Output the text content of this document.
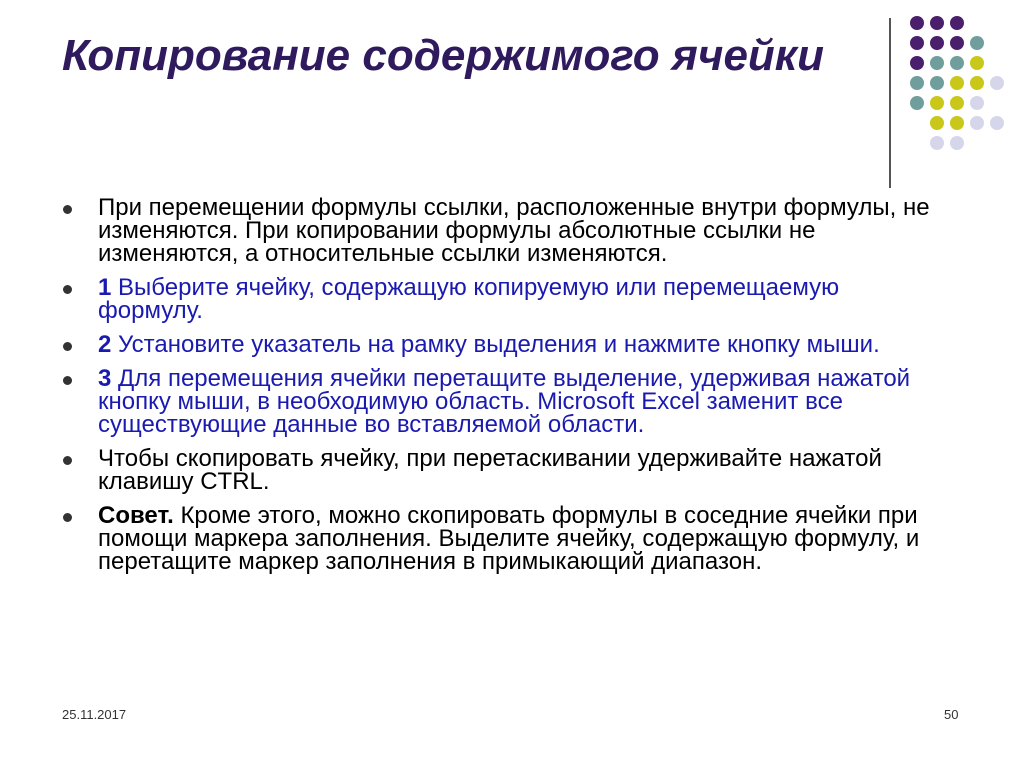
Копирование содержимого ячейки
При перемещении формулы ссылки, расположенные внутри формулы, не изменяются. При копировании формулы абсолютные ссылки не изменяются, а относительные ссылки изменяются.
1 Выберите ячейку, содержащую копируемую или перемещаемую формулу.
2 Установите указатель на рамку выделения и нажмите кнопку мыши.
3 Для перемещения ячейки перетащите выделение, удерживая нажатой кнопку мыши, в необходимую область. Microsoft Excel заменит все существующие данные во вставляемой области.
Чтобы скопировать ячейку, при перетаскивании удерживайте нажатой клавишу CTRL.
Совет. Кроме этого, можно скопировать формулы в соседние ячейки при помощи маркера заполнения. Выделите ячейку, содержащую формулу, и перетащите маркер заполнения в примыкающий диапазон.
25.11.2017	50
